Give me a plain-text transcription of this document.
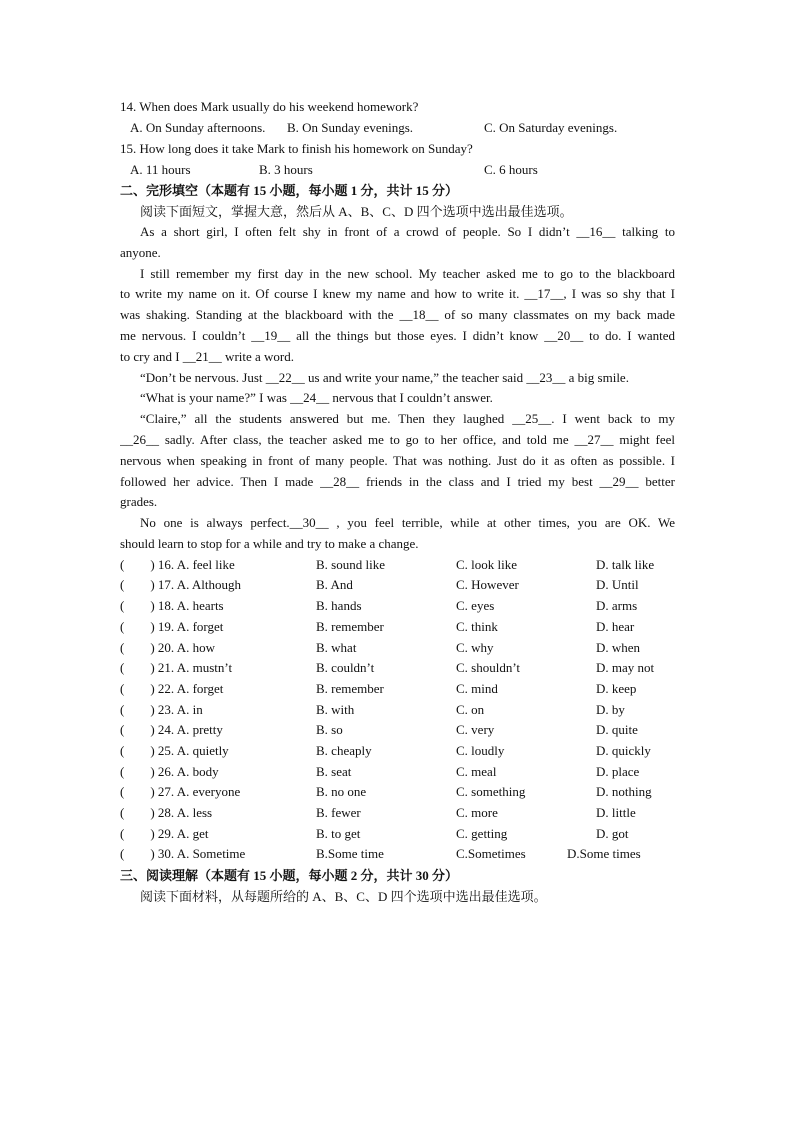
14. When does Mark usually do his weekend homework?
A. On Sunday afternoons. B. On Sunday evenings.	C. On Saturday evenings.
15. How long does it take Mark to finish his homework on Sunday?
A. 11 hours	B. 3 hours	C. 6 hours
二、完形填空（本题有 15 小题，每小题 1 分，共计 15 分）
阅读下面短文，掌握大意，然后从 A、B、C、D 四个选项中选出最佳选项。
As a short girl, I often felt shy in front of a crowd of people. So I didn’t __16__ talking to
anyone.
I still remember my first day in the new school. My teacher asked me to go to the blackboard
to write my name on it. Of course I knew my name and how to write it. __17__, I was so shy that I
was shaking. Standing at the blackboard with the __18__ of so many classmates on my back made
me nervous. I couldn’t __19__ all the things but those eyes. I didn’t know __20__ to do. I wanted
to cry and I __21__ write a word.
“Don’t be nervous. Just __22__ us and write your name,” the teacher said __23__ a big smile.
“What is your name?” I was __24__ nervous that I couldn’t answer.
“Claire,” all the students answered but me. Then they laughed __25__. I went back to my
__26__ sadly. After class, the teacher asked me to go to her office, and told me __27__ might feel
nervous when speaking in front of many people. That was nothing. Just do it as often as possible. I
followed her advice. Then I made __28__ friends in the class and I tried my best __29__ better
grades.
No one is always perfect.__30__ , you feel terrible, while at other times, you are OK. We
should learn to stop for a while and try to make a change.
(　　) 16. A. feel like	B. sound like	C. look like	D. talk like
(　　) 17. A. Although	B. And	C. However	D. Until
(　　) 18. A. hearts	B. hands	C. eyes	D. arms
(　　) 19. A. forget	B. remember	C. think	D. hear
(　　) 20. A. how	B. what	C. why	D. when
(　　) 21. A. mustn’t	B. couldn’t	C. shouldn’t	D. may not
(　　) 22. A. forget	B. remember	C. mind	D. keep
(　　) 23. A. in	B. with	C. on	D. by
(　　) 24. A. pretty	B. so	C. very	D. quite
(　　) 25. A. quietly	B. cheaply	C. loudly	D. quickly
(　　) 26. A. body	B. seat	C. meal	D. place
(　　) 27. A. everyone	B. no one	C. something	D. nothing
(　　) 28. A. less	B. fewer	C. more	D. little
(　　) 29. A. get	B. to get	C. getting	D. got
(　　) 30. A. Sometime	B.Some time	C.Sometimes	D.Some times
三、阅读理解（本题有 15 小题，每小题 2 分，共计 30 分）
阅读下面材料，从每题所给的 A、B、C、D 四个选项中选出最佳选项。
